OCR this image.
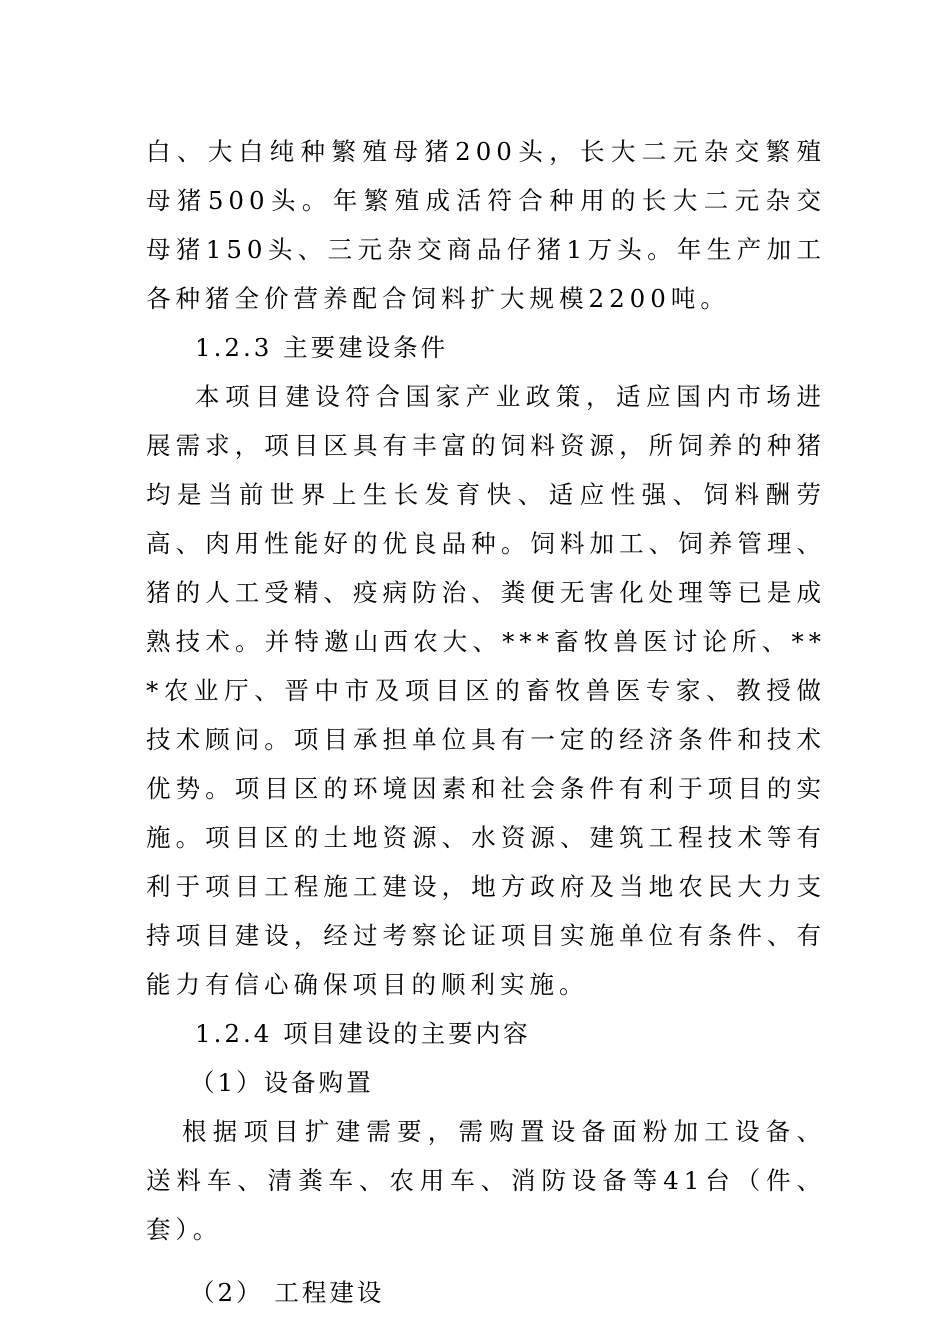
白、大白纯种繁殖母猪200头，长大二元杂交繁殖母猪500头。年繁殖成活符合种用的长大二元杂交母猪150头、三元杂交商品仔猪1万头。年生产加工各种猪全价营养配合饲料扩大规模2200吨。

1.2.3 主要建设条件

本项目建设符合国家产业政策，适应国内市场进展需求，项目区具有丰富的饲料资源，所饲养的种猪均是当前世界上生长发育快、适应性强、饲料酬劳高、肉用性能好的优良品种。饲料加工、饲养管理、猪的人工受精、疫病防治、粪便无害化处理等已是成熟技术。并特邀山西农大、***畜牧兽医讨论所、***农业厅、晋中市及项目区的畜牧兽医专家、教授做技术顾问。项目承担单位具有一定的经济条件和技术优势。项目区的环境因素和社会条件有利于项目的实施。项目区的土地资源、水资源、建筑工程技术等有利于项目工程施工建设，地方政府及当地农民大力支持项目建设，经过考察论证项目实施单位有条件、有能力有信心确保项目的顺利实施。

1.2.4 项目建设的主要内容

（1）设备购置

根据项目扩建需要，需购置设备面粉加工设备、送料车、清粪车、农用车、消防设备等41台（件、套）。

（2） 工程建设
